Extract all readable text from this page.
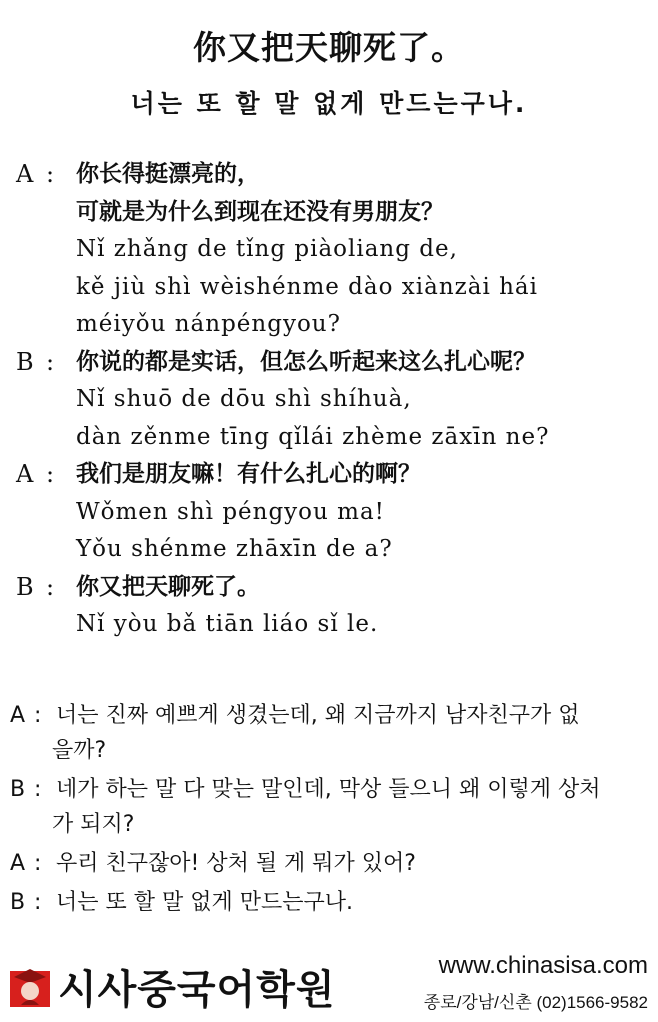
你又把天聊死了。
너는 또 할 말 없게 만드는구나.
A : 你长得挺漂亮的，
可就是为什么到现在还没有男朋友？
Nǐ zhǎng de tǐng piàoliang de,
kě jiù shì wèishénme dào xiànzài hái
méiyǒu nánpéngyou?
B : 你说的都是实话，但怎么听起来这么扎心呢？
Nǐ shuō de dōu shì shíhuà,
dàn zěnme tīng qǐlái zhème zāxīn ne?
A : 我们是朋友嘛！有什么扎心的啊？
Wǒmen shì péngyou ma!
Yǒu shénme zhāxīn de a?
B : 你又把天聊死了。
Nǐ yòu bǎ tiān liáo sǐ le.
A : 너는 진짜 예쁘게 생겼는데, 왜 지금까지 남자친구가 없
을까?
B : 네가 하는 말 다 맞는 말인데, 막상 들으니 왜 이렇게 상처
가 되지?
A : 우리 친구잖아! 상처 될 게 뭐가 있어?
B : 너는 또 할 말 없게 만드는구나.
시사중국어학원
www.chinasisa.com
종로/강남/신촌 (02)1566-9582
